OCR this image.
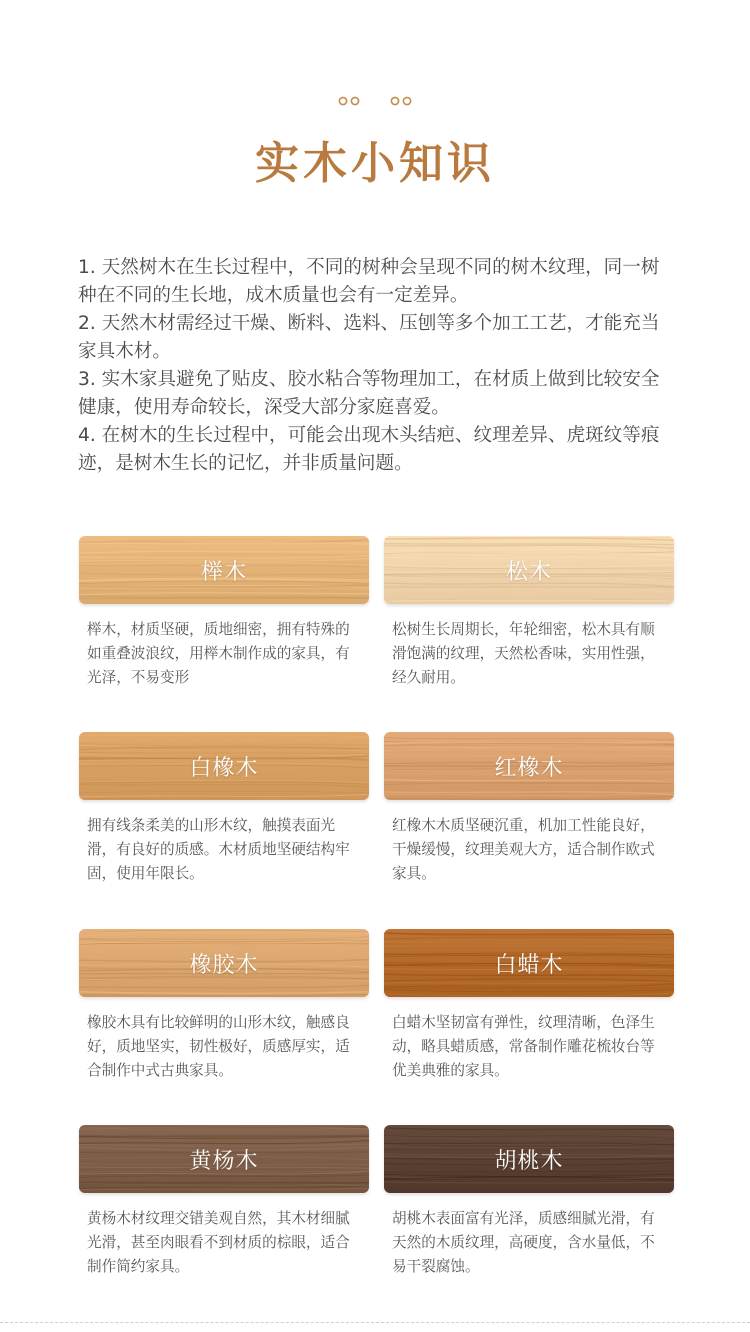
实木小知识

1. 天然树木在生长过程中，不同的树种会呈现不同的树木纹理，同一树种在不同的生长地，成木质量也会有一定差异。

2. 天然木材需经过干燥、断料、选料、压刨等多个加工工艺，才能充当家具木材。

3. 实木家具避免了贴皮、胶水粘合等物理加工，在材质上做到比较安全健康，使用寿命较长，深受大部分家庭喜爱。

4. 在树木的生长过程中，可能会出现木头结疤、纹理差异、虎斑纹等痕迹，是树木生长的记忆，并非质量问题。

榉木
榉木，材质坚硬，质地细密，拥有特殊的如重叠波浪纹，用榉木制作成的家具，有光泽，不易变形
松木
松树生长周期长，年轮细密，松木具有顺滑饱满的纹理，天然松香味，实用性强，经久耐用。
白橡木
拥有线条柔美的山形木纹，触摸表面光滑，有良好的质感。木材质地坚硬结构牢固，使用年限长。
红橡木
红橡木木质坚硬沉重，机加工性能良好，干燥缓慢，纹理美观大方，适合制作欧式家具。
橡胶木
橡胶木具有比较鲜明的山形木纹，触感良好，质地坚实，韧性极好，质感厚实，适合制作中式古典家具。
白蜡木
白蜡木坚韧富有弹性，纹理清晰，色泽生动，略具蜡质感，常备制作雕花梳妆台等优美典雅的家具。
黄杨木
黄杨木材纹理交错美观自然，其木材细腻光滑，甚至肉眼看不到材质的棕眼，适合制作简约家具。
胡桃木
胡桃木表面富有光泽，质感细腻光滑，有天然的木质纹理，高硬度，含水量低，不易干裂腐蚀。
